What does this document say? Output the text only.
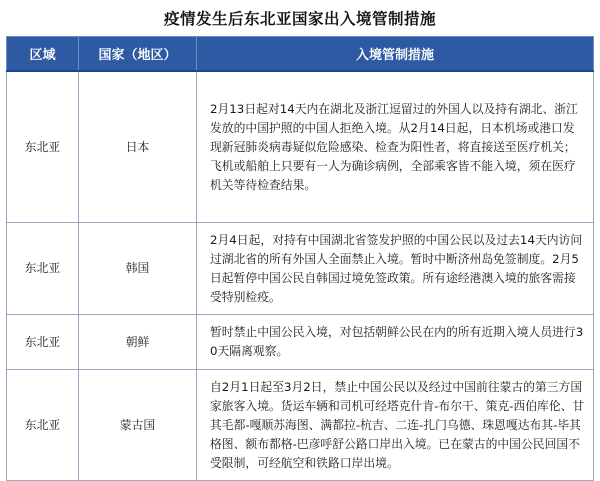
疫情发生后东北亚国家出入境管制措施
区域	国家（地区）	入境管制措施
东北亚	日本	2月13日起对14天内在湖北及浙江逗留过的外国人以及持有湖北、浙江发放的中国护照的中国人拒绝入境。从2月14日起，日本机场或港口发现新冠肺炎病毒疑似危险感染、检查为阳性者，将直接送至医疗机关；飞机或船舶上只要有一人为确诊病例，全部乘客皆不能入境，须在医疗机关等待检查结果。
东北亚	韩国	2月4日起，对持有中国湖北省签发护照的中国公民以及过去14天内访问过湖北省的所有外国人全面禁止入境。暂时中断济州岛免签制度。2月5日起暂停中国公民自韩国过境免签政策。所有途经港澳入境的旅客需接受特别检疫。
东北亚	朝鲜	暂时禁止中国公民入境，对包括朝鲜公民在内的所有近期入境人员进行30天隔离观察。
东北亚	蒙古国	自2月1日起至3月2日，禁止中国公民以及经过中国前往蒙古的第三方国家旅客入境。货运车辆和司机可经塔克什肯-布尔干、策克-西伯库伦、甘其毛都-嘎顺苏海图、满都拉-杭吉、二连-扎门乌德、珠恩嘎达布其-毕其格图、额布都格-巴彦呼舒公路口岸出入境。已在蒙古的中国公民回国不受限制，可经航空和铁路口岸出境。
